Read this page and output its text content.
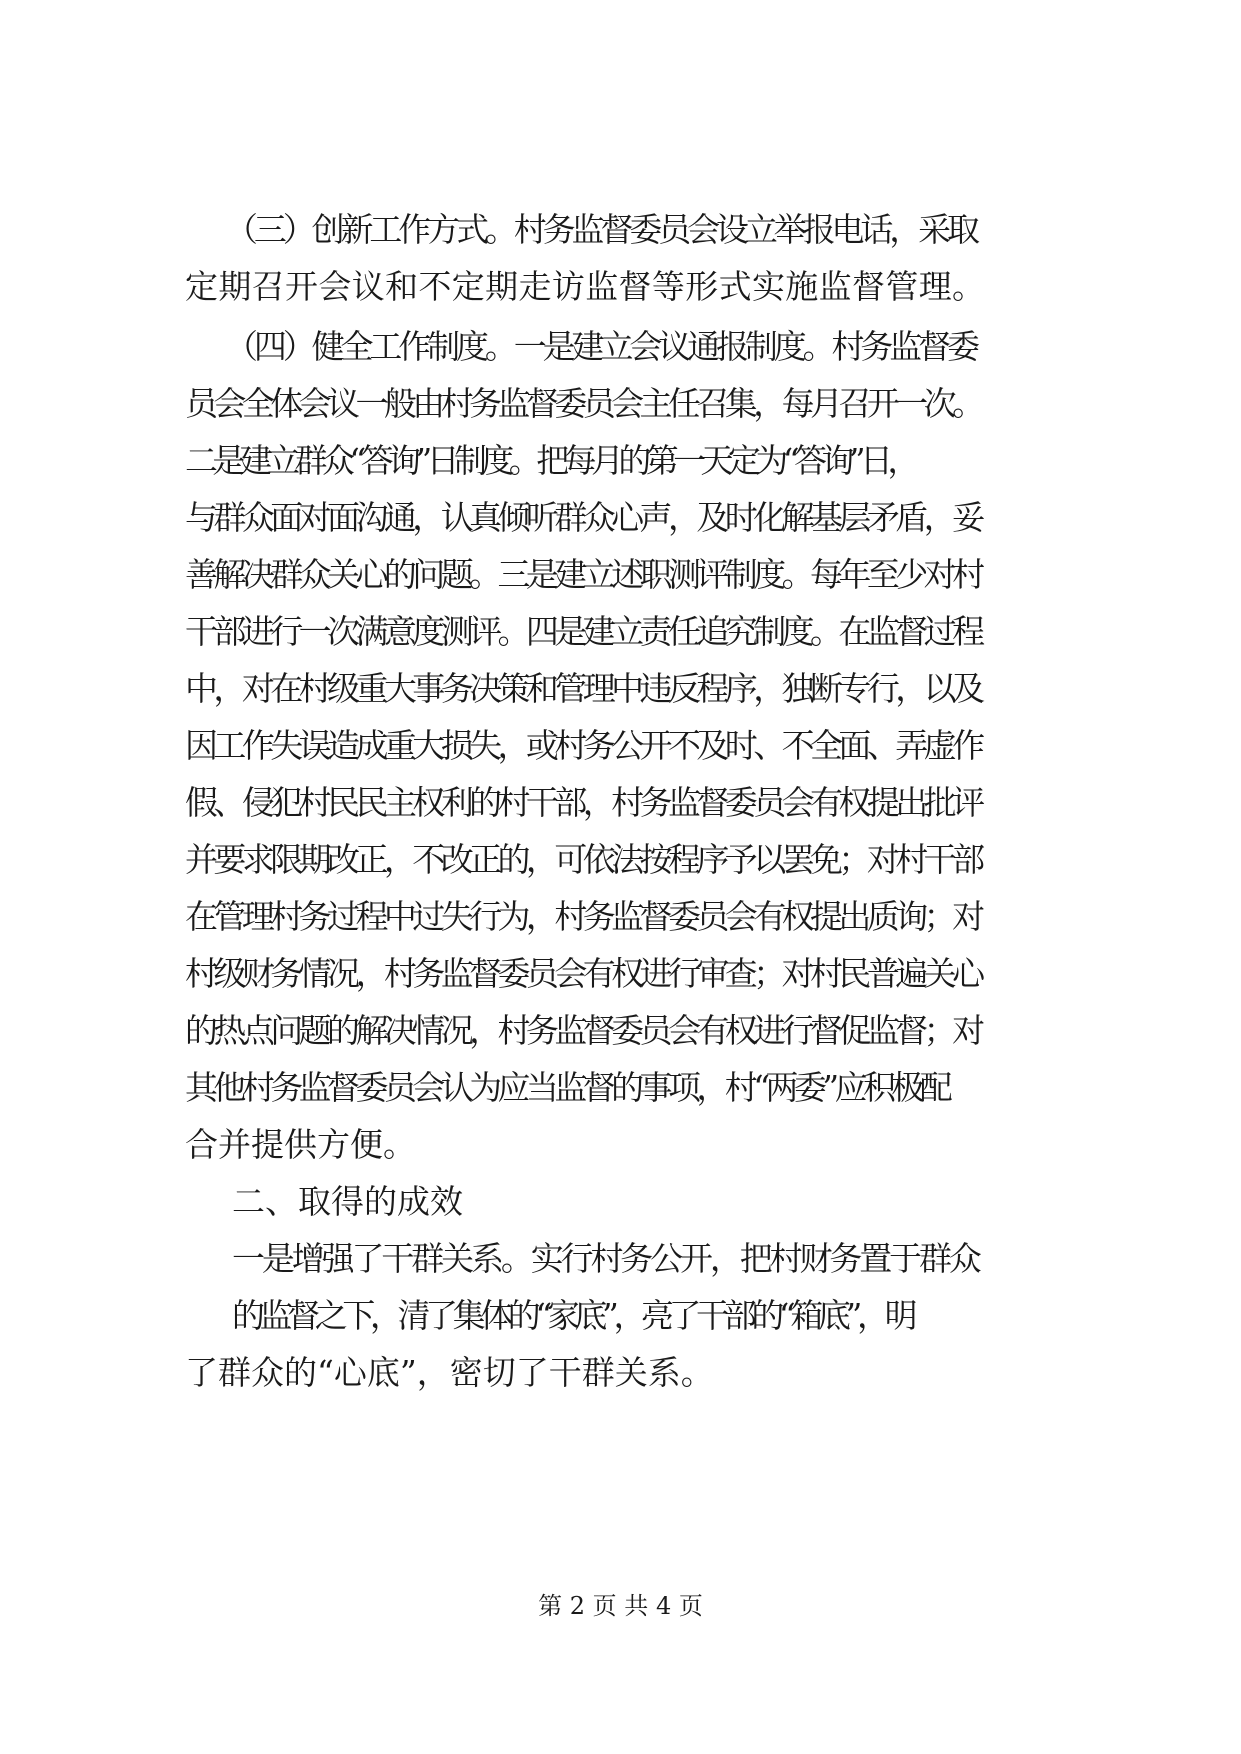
（三）创新工作方式。村务监督委员会设立举报电话，采取
定期召开会议和不定期走访监督等形式实施监督管理。
（四）健全工作制度。一是建立会议通报制度。村务监督委
员会全体会议一般由村务监督委员会主任召集，每月召开一次。
二是建立群众“答询”日制度。把每月的第一天定为“答询”日，
与群众面对面沟通，认真倾听群众心声，及时化解基层矛盾，妥
善解决群众关心的问题。三是建立述职测评制度。每年至少对村
干部进行一次满意度测评。四是建立责任追究制度。在监督过程
中，对在村级重大事务决策和管理中违反程序，独断专行，以及
因工作失误造成重大损失，或村务公开不及时、不全面、弄虚作
假、侵犯村民民主权利的村干部，村务监督委员会有权提出批评
并要求限期改正，不改正的，可依法按程序予以罢免；对村干部
在管理村务过程中过失行为，村务监督委员会有权提出质询；对
村级财务情况，村务监督委员会有权进行审查；对村民普遍关心
的热点问题的解决情况，村务监督委员会有权进行督促监督；对
其他村务监督委员会认为应当监督的事项，村“两委”应积极配
合并提供方便。
二、取得的成效
一是增强了干群关系。实行村务公开，把村财务置于群众
的监督之下，清了集体的“家底”，亮了干部的“箱底”，明
了群众的“心底”，密切了干群关系。
第 2 页 共 4 页
